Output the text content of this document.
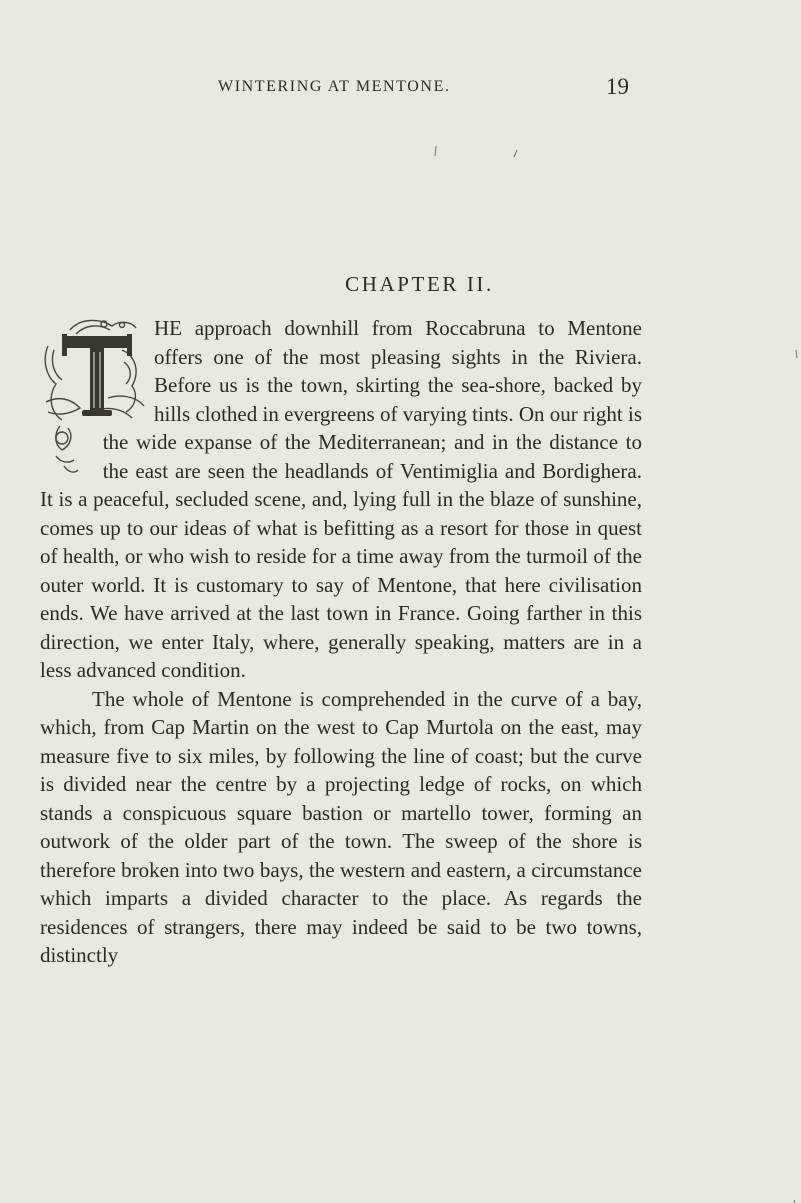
WINTERING AT MENTONE.	19
CHAPTER II.

HE approach downhill from Roccabruna to Mentone offers one of the most pleasing sights in the Riviera. Before us is the town, skirting the sea-shore, backed by hills clothed in evergreens of varying tints. On our right is the wide expanse of the Mediterranean; and in the distance to the east are seen the headlands of Ventimiglia and Bordighera. It is a peaceful, secluded scene, and, lying full in the blaze of sunshine, comes up to our ideas of what is befitting as a resort for those in quest of health, or who wish to reside for a time away from the turmoil of the outer world. It is customary to say of Mentone, that here civilisation ends. We have arrived at the last town in France. Going farther in this direction, we enter Italy, where, generally speaking, matters are in a less advanced condition.

The whole of Mentone is comprehended in the curve of a bay, which, from Cap Martin on the west to Cap Murtola on the east, may measure five to six miles, by following the line of coast; but the curve is divided near the centre by a projecting ledge of rocks, on which stands a conspicuous square bastion or martello tower, forming an outwork of the older part of the town. The sweep of the shore is therefore broken into two bays, the western and eastern, a circumstance which imparts a divided character to the place. As regards the residences of strangers, there may indeed be said to be two towns, distinctly
